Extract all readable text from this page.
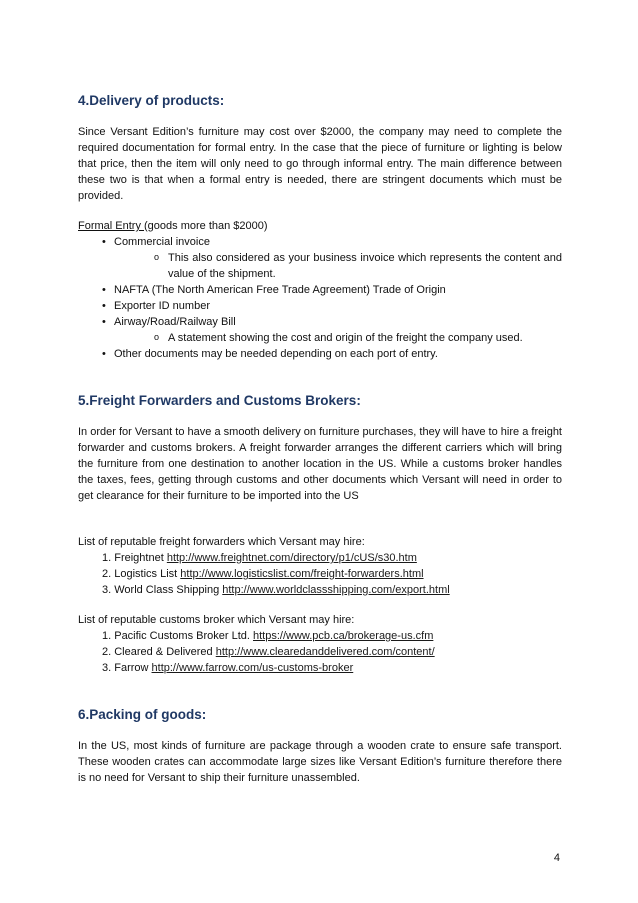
4.Delivery of products:

Since Versant Edition’s furniture may cost over $2000, the company may need to complete the required documentation for formal entry. In the case that the piece of furniture or lighting is below that price, then the item will only need to go through informal entry. The main difference between these two is that when a formal entry is needed, there are stringent documents which must be provided.

Formal Entry (goods more than $2000)

• Commercial invoice
o This also considered as your business invoice which represents the content and value of the shipment.
• NAFTA (The North American Free Trade Agreement) Trade of Origin
• Exporter ID number
• Airway/Road/Railway Bill
o A statement showing the cost and origin of the freight the company used.
• Other documents may be needed depending on each port of entry.
5.Freight Forwarders and Customs Brokers:

In order for Versant to have a smooth delivery on furniture purchases, they will have to hire a freight forwarder and customs brokers. A freight forwarder arranges the different carriers which will bring the furniture from one destination to another location in the US. While a customs broker handles the taxes, fees, getting through customs and other documents which Versant will need in order to get clearance for their furniture to be imported into the US

List of reputable freight forwarders which Versant may hire:

1. Freightnet http://www.freightnet.com/directory/p1/cUS/s30.htm
2. Logistics List http://www.logisticslist.com/freight-forwarders.html
3. World Class Shipping http://www.worldclassshipping.com/export.html

List of reputable customs broker which Versant may hire:

1. Pacific Customs Broker Ltd. https://www.pcb.ca/brokerage-us.cfm
2. Cleared & Delivered http://www.clearedanddelivered.com/content/
3. Farrow http://www.farrow.com/us-customs-broker
6.Packing of goods:

In the US, most kinds of furniture are package through a wooden crate to ensure safe transport. These wooden crates can accommodate large sizes like Versant Edition’s furniture therefore there is no need for Versant to ship their furniture unassembled.

4
